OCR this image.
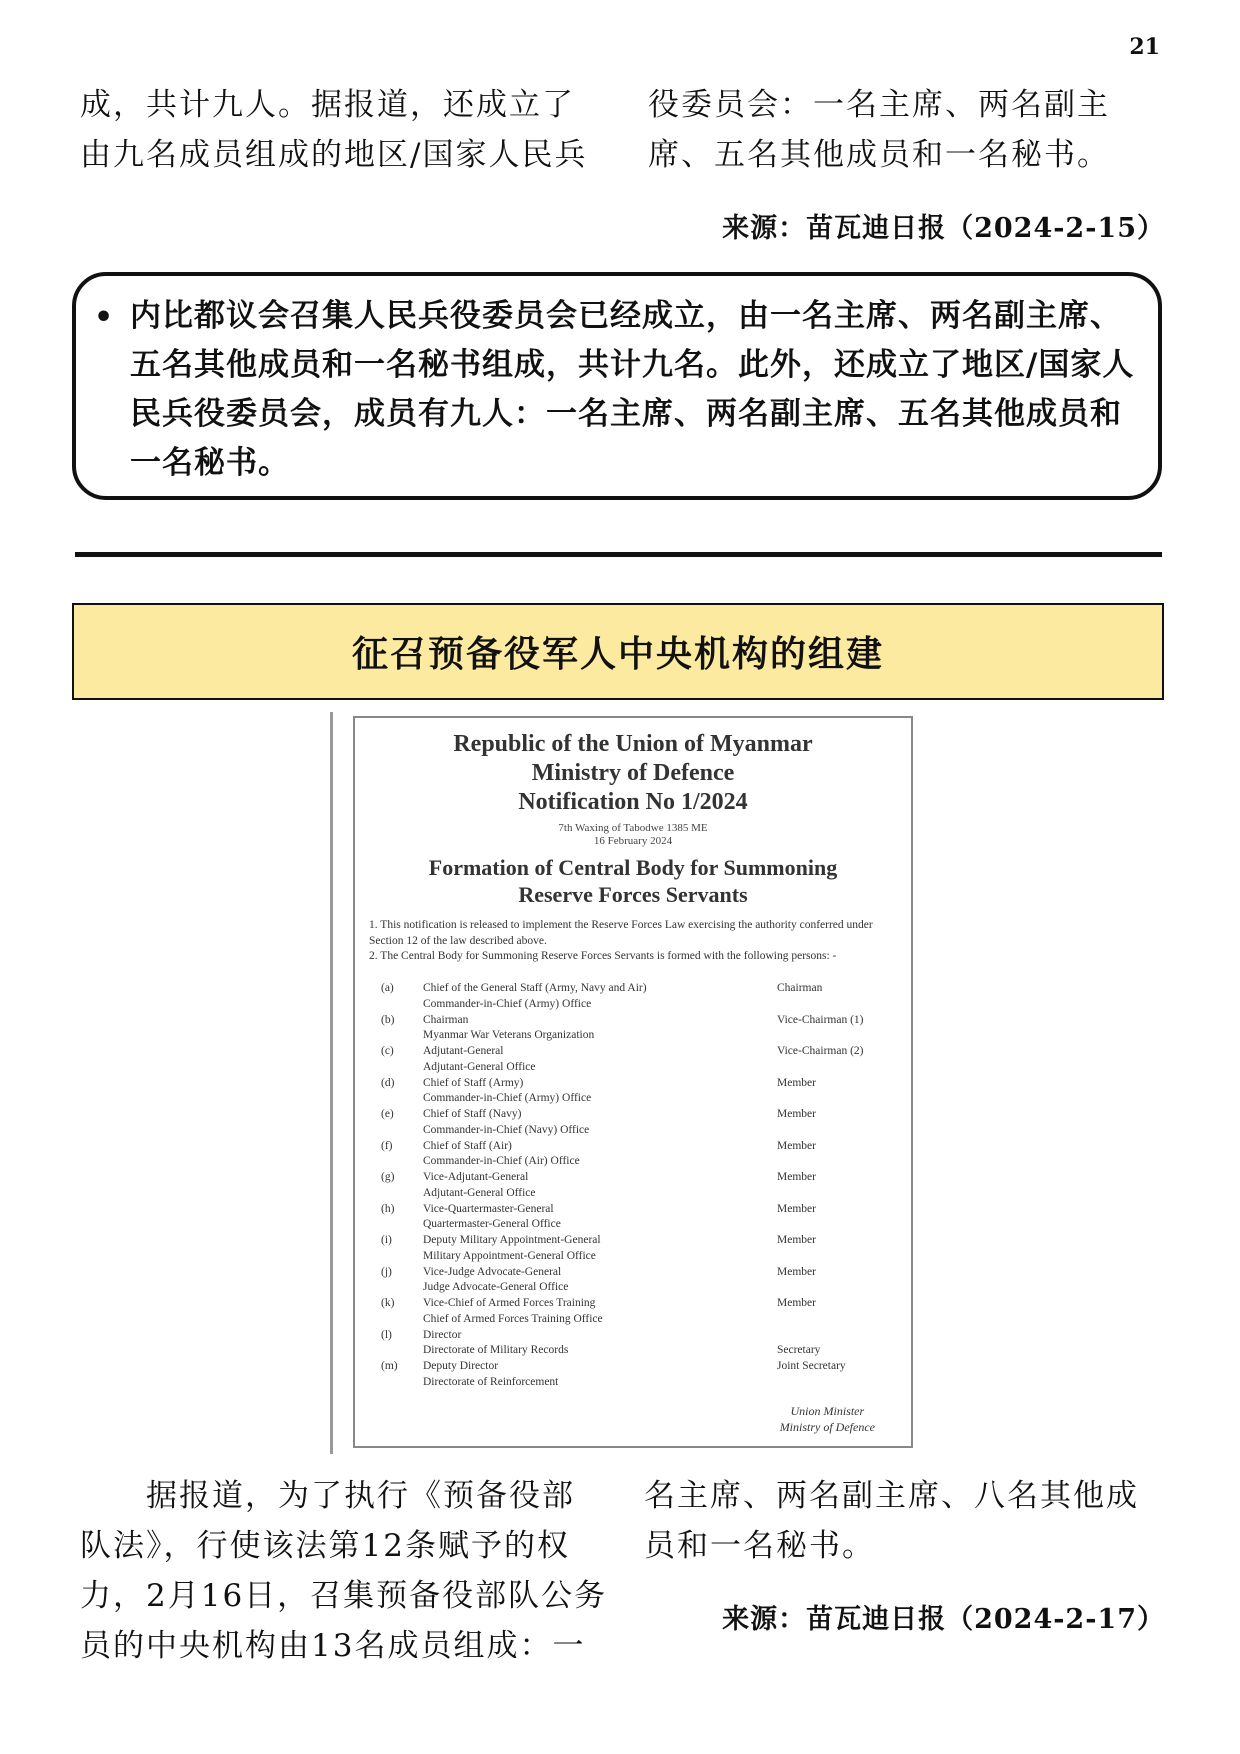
21
成，共计九人。据报道，还成立了
由九名成员组成的地区/国家人民兵
役委员会：一名主席、两名副主
席、五名其他成员和一名秘书。
来源：苗瓦迪日报（2024-2-15）
• 内比都议会召集人民兵役委员会已经成立，由一名主席、两名副主席、五名其他成员和一名秘书组成，共计九名。此外，还成立了地区/国家人民兵役委员会，成员有九人：一名主席、两名副主席、五名其他成员和一名秘书。
征召预备役军人中央机构的组建
Republic of the Union of Myanmar
Ministry of Defence
Notification No 1/2024
7th Waxing of Tabodwe 1385 ME
16 February 2024
Formation of Central Body for Summoning
Reserve Forces Servants
1. This notification is released to implement the Reserve Forces Law exercising the authority conferred under Section 12 of the law described above.
2. The Central Body for Summoning Reserve Forces Servants is formed with the following persons: -
(a)	Chief of the General Staff (Army, Navy and Air)
Commander-in-Chief (Army) Office
Chairman
(b)	Chairman
Myanmar War Veterans Organization
Vice-Chairman (1)
(c)	Adjutant-General
Adjutant-General Office
Vice-Chairman (2)
(d)	Chief of Staff (Army)
Commander-in-Chief (Army) Office
Member
(e)	Chief of Staff (Navy)
Commander-in-Chief (Navy) Office
Member
(f)	Chief of Staff (Air)
Commander-in-Chief (Air) Office
Member
(g)	Vice-Adjutant-General
Adjutant-General Office
Member
(h)	Vice-Quartermaster-General
Quartermaster-General Office
Member
(i)	Deputy Military Appointment-General
Military Appointment-General Office
Member
(j)	Vice-Judge Advocate-General
Judge Advocate-General Office
Member
(k)	Vice-Chief of Armed Forces Training
Chief of Armed Forces Training Office
Member
(l)	Director
Directorate of Military Records	
Secretary
(m)	Deputy Director
Directorate of Reinforcement
Joint Secretary
Union Minister
Ministry of Defence
　　据报道，为了执行《预备役部
队法》，行使该法第12条赋予的权
力，2月16日，召集预备役部队公务
员的中央机构由13名成员组成：一
名主席、两名副主席、八名其他成
员和一名秘书。
来源：苗瓦迪日报（2024-2-17）
